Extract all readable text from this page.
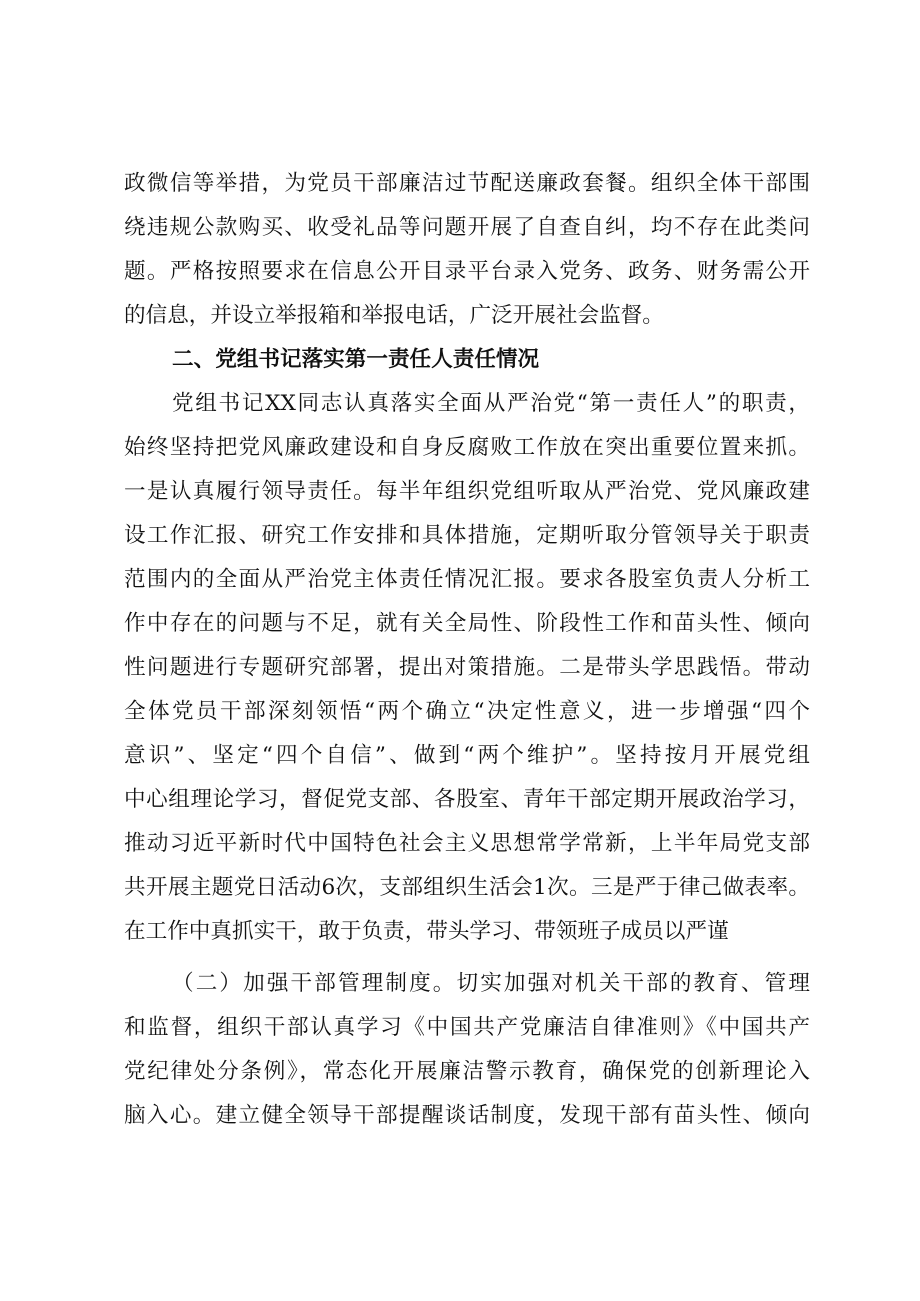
政微信等举措，为党员干部廉洁过节配送廉政套餐。组织全体干部围
绕违规公款购买、收受礼品等问题开展了自查自纠，均不存在此类问
题。严格按照要求在信息公开目录平台录入党务、政务、财务需公开
的信息，并设立举报箱和举报电话，广泛开展社会监督。
二、党组书记落实第一责任人责任情况
党组书记XX同志认真落实全面从严治党“第一责任人”的职责，
始终坚持把党风廉政建设和自身反腐败工作放在突出重要位置来抓。
一是认真履行领导责任。每半年组织党组听取从严治党、党风廉政建
设工作汇报、研究工作安排和具体措施，定期听取分管领导关于职责
范围内的全面从严治党主体责任情况汇报。要求各股室负责人分析工
作中存在的问题与不足，就有关全局性、阶段性工作和苗头性、倾向
性问题进行专题研究部署，提出对策措施。二是带头学思践悟。带动
全体党员干部深刻领悟“两个确立“决定性意义，进一步增强“四个
意识”、坚定“四个自信”、做到“两个维护”。坚持按月开展党组
中心组理论学习，督促党支部、各股室、青年干部定期开展政治学习，
推动习近平新时代中国特色社会主义思想常学常新，上半年局党支部
共开展主题党日活动6次，支部组织生活会1次。三是严于律己做表率。
在工作中真抓实干，敢于负责，带头学习、带领班子成员以严谨
（二）加强干部管理制度。切实加强对机关干部的教育、管理
和监督，组织干部认真学习《中国共产党廉洁自律准则》《中国共产
党纪律处分条例》，常态化开展廉洁警示教育，确保党的创新理论入
脑入心。建立健全领导干部提醒谈话制度，发现干部有苗头性、倾向
